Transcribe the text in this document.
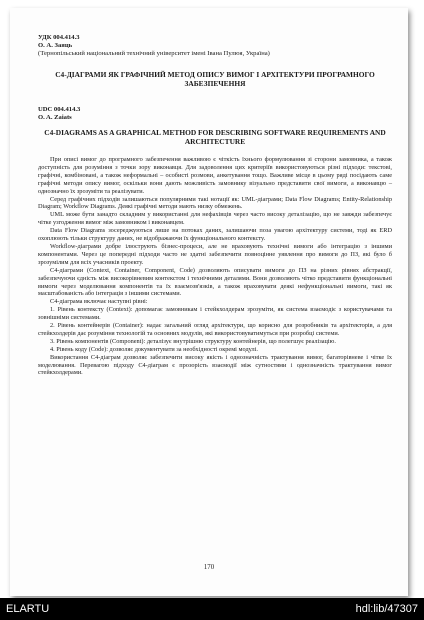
УДК 004.414.3
О. А. Заяць
(Тернопільський національний технічний університет імені Івана Пулюя, Україна)
С4-ДІАГРАМИ ЯК ГРАФІЧНИЙ МЕТОД ОПИСУ ВИМОГ І АРХІТЕКТУРИ ПРОГРАМНОГО ЗАБЕЗПЕЧЕННЯ
UDC 004.414.3
O. A. Zaiats
C4-DIAGRAMS AS A GRAPHICAL METHOD FOR DESCRIBING SOFTWARE REQUIREMENTS AND ARCHITECTURE

При описі вимог до програмного забезпечення важливою є чіткість їхнього формулювання зі сторони замовника, а також доступність для розуміння з точки зору виконавця. Для задоволення цих критеріїв використовуються різні підходи: текстові, графічні, комбіновані, а також неформальні – особисті розмови, анкетування тощо. Важливе місце в цьому ряді посідають саме графічні методи опису вимог, оскільки вони дають можливість замовнику візуально представити свої вимоги, а виконавцю – однозначно їх зрозуміти та реалізувати.

Серед графічних підходів залишаються популярними такі нотації як: UML-діаграми; Data Flow Diagrams; Entity-Relationship Diagram; Workflow Diagrams. Деякі графічні методи мають низку обмежень.

UML може бути занадто складним у використанні для нефахівців через часто високу деталізацію, що не завжди забезпечує чітке узгодження вимог між замовником і виконавцем.

Data Flow Diagrams зосереджуються лише на потоках даних, залишаючи поза увагою архітектуру системи, тоді як ERD охоплюють тільки структуру даних, не відображаючи їх функціонального контексту.

Workflow-діаграми добре ілюструють бізнес-процеси, але не враховують технічні вимоги або інтеграцію з іншими компонентами. Через це попередні підходи часто не здатні забезпечити повноцінне уявлення про вимоги до ПЗ, які було б зрозумілим для всіх учасників проекту.

С4-діаграми (Context, Container, Component, Code) дозволяють описувати вимоги до ПЗ на різних рівнях абстракції, забезпечуючи єдність між високорівневим контекстом і технічними деталями. Вони дозволяють чітко представити функціональні вимоги через моделювання компонентів та їх взаємозв'язків, а також враховувати деякі нефункціональні вимоги, такі як масштабованість або інтеграція з іншими системами.

С4-діаграма включає наступні рівні:

1. Рівень контексту (Context): допомагає замовникам і стейкхолдерам зрозуміти, як система взаємодіє з користувачами та зовнішніми системами.

2. Рівень контейнерів (Container): надає загальний огляд архітектури, що корисно для розробників та архітекторів, а для стейкхолдерів дає розуміння технологій та основних модулів, які використовуватимуться при розробці системи.

3. Рівень компонентів (Component): деталізує внутрішню структуру контейнерів, що полегшує реалізацію.

4. Рівень коду (Code): дозволяє документувати за необхідності окремі модулі.

Використання С4-діаграм дозволяє забезпечити високу якість і однозначність трактування вимог, багаторівневе і чітке їх моделювання. Перевагою підходу С4-діаграм є прозорість взаємодії між сутностями і однозначність трактування вимог стейкхолдерами.

170
ELARTU	hdl:lib/47307
